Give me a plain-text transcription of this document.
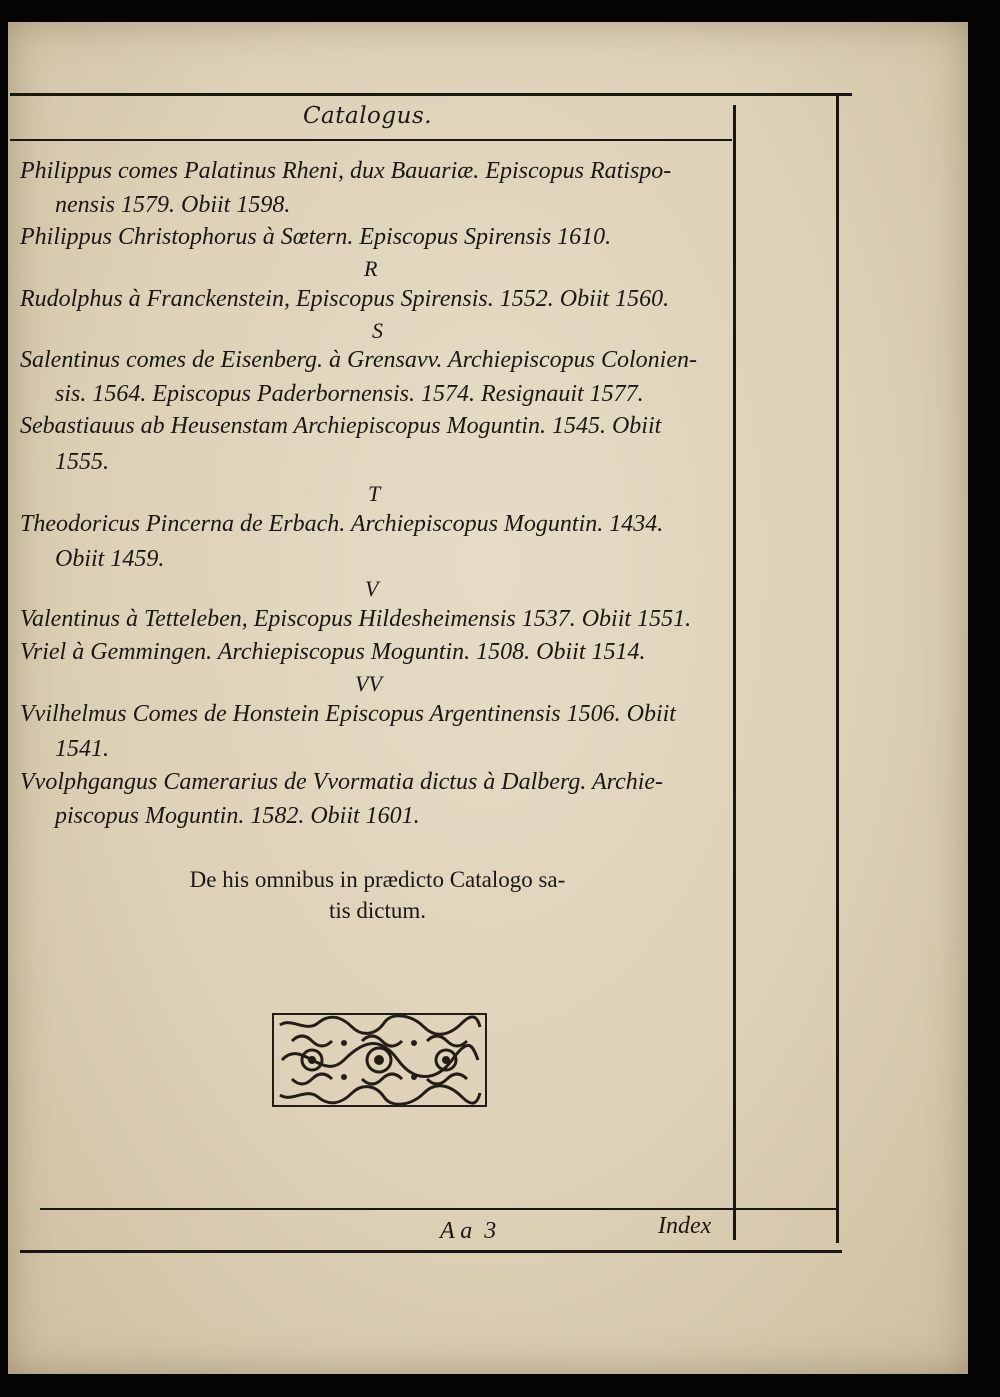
Catalogus.
Philippus comes Palatinus Rheni, dux Bauariæ. Episcopus Ratispo-
nensis 1579. Obiit 1598.
Philippus Christophorus à Sœtern. Episcopus Spirensis 1610.
R
Rudolphus à Franckenstein, Episcopus Spirensis. 1552. Obiit 1560.
S
Salentinus comes de Eisenberg. à Grensavv. Archiepiscopus Colonien-
sis. 1564. Episcopus Paderbornensis. 1574. Resignauit 1577.
Sebastiauus ab Heusenstam Archiepiscopus Moguntin. 1545. Obiit
1555.
T
Theodoricus Pincerna de Erbach. Archiepiscopus Moguntin. 1434.
Obiit 1459.
V
Valentinus à Tetteleben, Episcopus Hildesheimensis 1537. Obiit 1551.
Vriel à Gemmingen. Archiepiscopus Moguntin. 1508. Obiit 1514.
VV
Vvilhelmus Comes de Honstein Episcopus Argentinensis 1506. Obiit
1541.
Vvolphgangus Camerarius de Vvormatia dictus à Dalberg. Archie-
piscopus Moguntin. 1582. Obiit 1601.
De his omnibus in prædicto Catalogo sa-
tis dictum.
A a  3	Index
